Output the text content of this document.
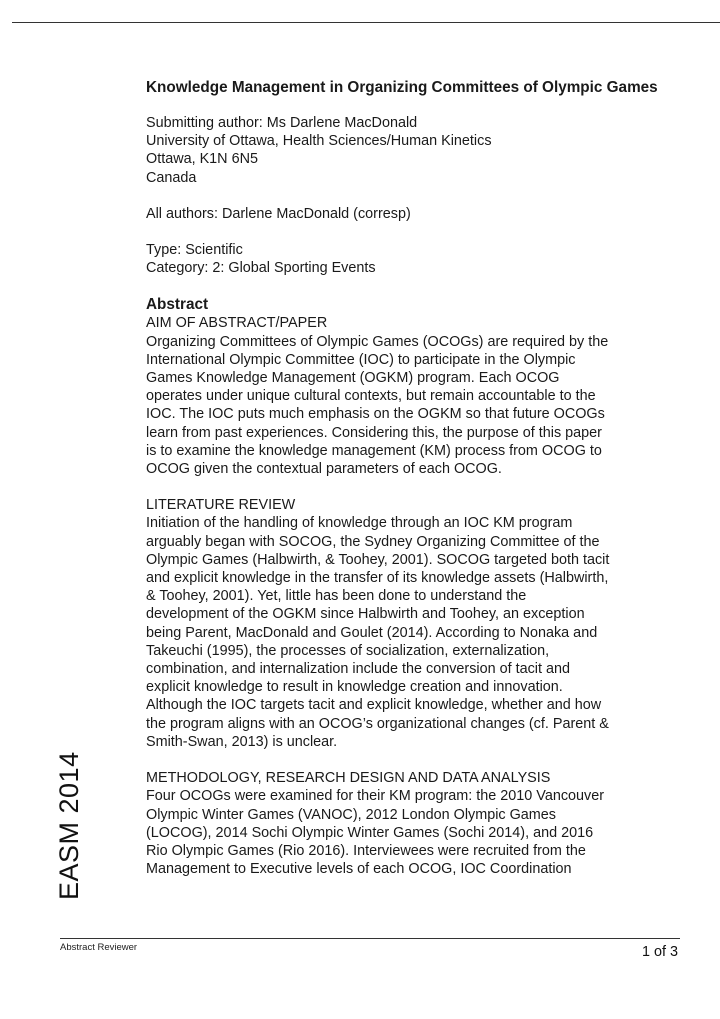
Knowledge Management in Organizing Committees of Olympic Games
Submitting author: Ms Darlene MacDonald
University of Ottawa, Health Sciences/Human Kinetics
Ottawa, K1N 6N5
Canada
All authors: Darlene MacDonald (corresp)
Type: Scientific
Category: 2: Global Sporting Events
Abstract
AIM OF ABSTRACT/PAPER
Organizing Committees of Olympic Games (OCOGs) are required by the
International Olympic Committee (IOC) to participate in the Olympic
Games Knowledge Management (OGKM) program. Each OCOG
operates under unique cultural contexts, but remain accountable to the
IOC. The IOC puts much emphasis on the OGKM so that future OCOGs
learn from past experiences. Considering this, the purpose of this paper
is to examine the knowledge management (KM) process from OCOG to
OCOG given the contextual parameters of each OCOG.
LITERATURE REVIEW
Initiation of the handling of knowledge through an IOC KM program
arguably began with SOCOG, the Sydney Organizing Committee of the
Olympic Games (Halbwirth, & Toohey, 2001). SOCOG targeted both tacit
and explicit knowledge in the transfer of its knowledge assets (Halbwirth,
& Toohey, 2001). Yet, little has been done to understand the
development of the OGKM since Halbwirth and Toohey, an exception
being Parent, MacDonald and Goulet (2014). According to Nonaka and
Takeuchi (1995), the processes of socialization, externalization,
combination, and internalization include the conversion of tacit and
explicit knowledge to result in knowledge creation and innovation.
Although the IOC targets tacit and explicit knowledge, whether and how
the program aligns with an OCOG’s organizational changes (cf. Parent &
Smith-Swan, 2013) is unclear.
METHODOLOGY, RESEARCH DESIGN AND DATA ANALYSIS
Four OCOGs were examined for their KM program: the 2010 Vancouver
Olympic Winter Games (VANOC), 2012 London Olympic Games
(LOCOG), 2014 Sochi Olympic Winter Games (Sochi 2014), and 2016
Rio Olympic Games (Rio 2016). Interviewees were recruited from the
Management to Executive levels of each OCOG, IOC Coordination
EASM 2014
Abstract Reviewer	1 of 3
